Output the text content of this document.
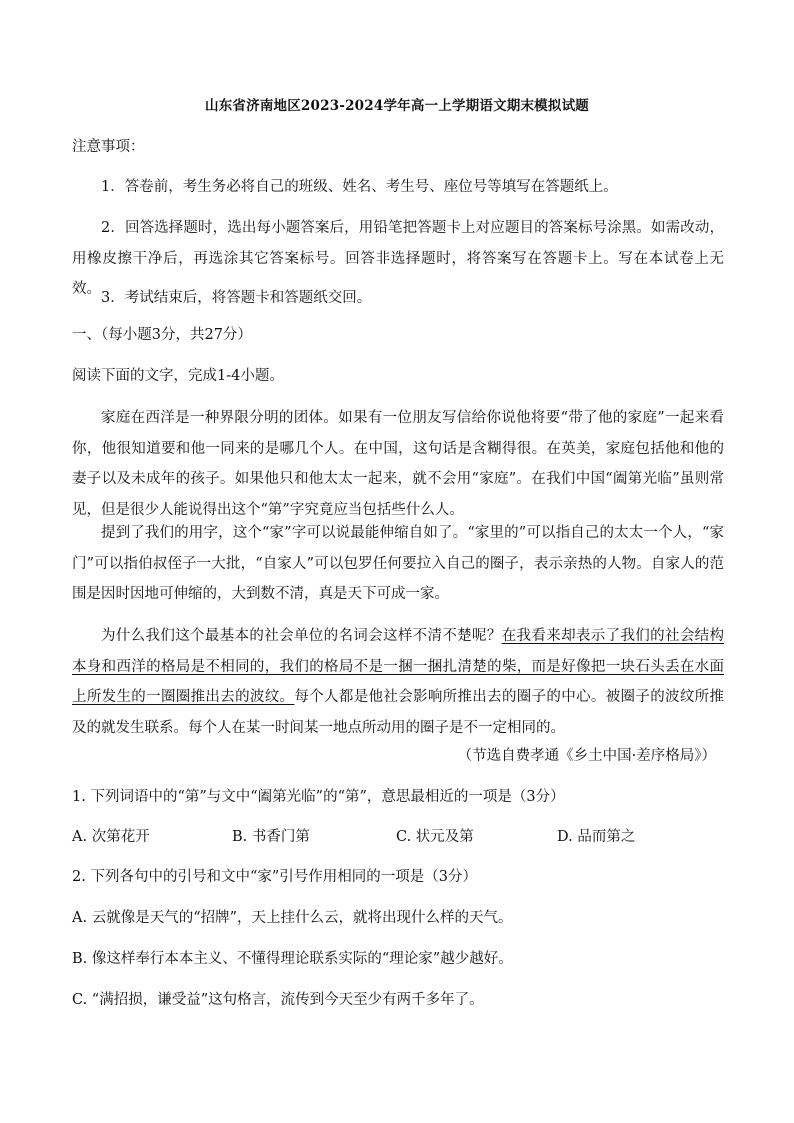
山东省济南地区2023-2024学年高一上学期语文期末模拟试题
注意事项：
1．答卷前，考生务必将自己的班级、姓名、考生号、座位号等填写在答题纸上。
2．回答选择题时，选出每小题答案后，用铅笔把答题卡上对应题目的答案标号涂黑。如需改动，用橡皮擦干净后，再选涂其它答案标号。回答非选择题时，将答案写在答题卡上。写在本试卷上无效。
3．考试结束后，将答题卡和答题纸交回。
一、（每小题3分，共27分）
阅读下面的文字，完成1-4小题。
家庭在西洋是一种界限分明的团体。如果有一位朋友写信给你说他将要“带了他的家庭”一起来看你，他很知道要和他一同来的是哪几个人。在中国，这句话是含糊得很。在英美，家庭包括他和他的妻子以及未成年的孩子。如果他只和他太太一起来，就不会用“家庭”。在我们中国“阖第光临”虽则常见，但是很少人能说得出这个“第”字究竟应当包括些什么人。
提到了我们的用字，这个“家”字可以说最能伸缩自如了。“家里的”可以指自己的太太一个人，“家门”可以指伯叔侄子一大批，“自家人”可以包罗任何要拉入自己的圈子，表示亲热的人物。自家人的范围是因时因地可伸缩的，大到数不清，真是天下可成一家。
为什么我们这个最基本的社会单位的名词会这样不清不楚呢？在我看来却表示了我们的社会结构本身和西洋的格局是不相同的，我们的格局不是一捆一捆扎清楚的柴，而是好像把一块石头丢在水面上所发生的一圈圈推出去的波纹。每个人都是他社会影响所推出去的圈子的中心。被圈子的波纹所推及的就发生联系。每个人在某一时间某一地点所动用的圈子是不一定相同的。
（节选自费孝通《乡土中国·差序格局》）
1. 下列词语中的“第”与文中“阖第光临”的“第”，意思最相近的一项是（3分）
A. 次第花开	B. 书香门第	C. 状元及第	D. 品而第之
2. 下列各句中的引号和文中“家”引号作用相同的一项是（3分）
A. 云就像是天气的“招牌”，天上挂什么云，就将出现什么样的天气。
B. 像这样奉行本本主义、不懂得理论联系实际的“理论家”越少越好。
C. “满招损，谦受益”这句格言，流传到今天至少有两千多年了。
